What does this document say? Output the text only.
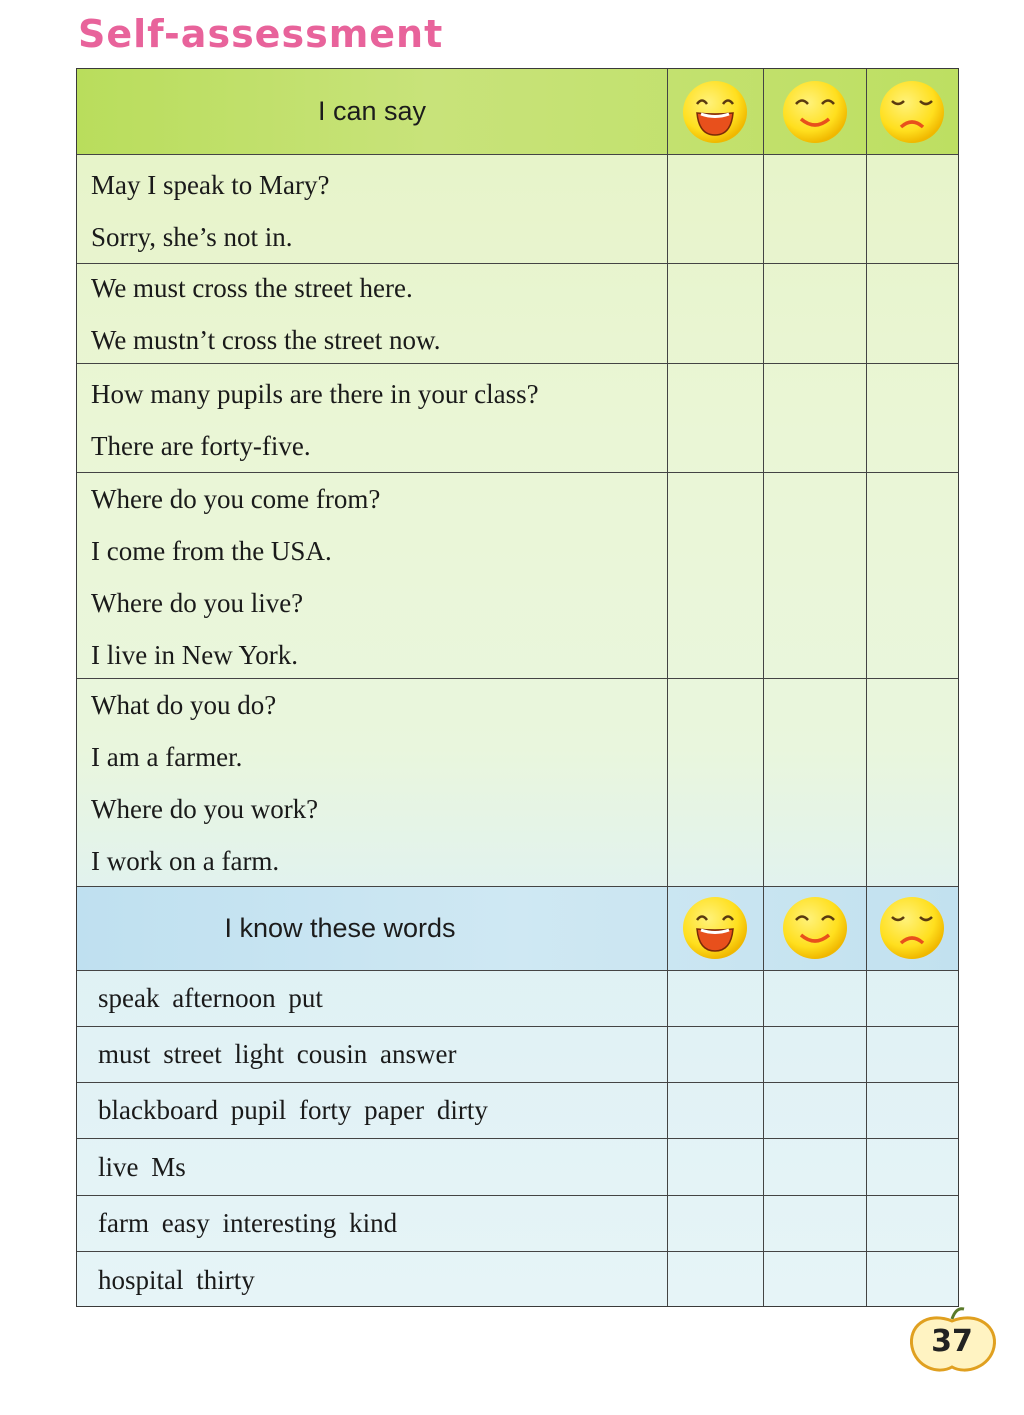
Self-assessment
I can say
May I speak to Mary?
Sorry, she’s not in.
We must cross the street here.
We mustn’t cross the street now.
How many pupils are there in your class?
There are forty-five.
Where do you come from?
I come from the USA.
Where do you live?
I live in New York.
What do you do?
I am a farmer.
Where do you work?
I work on a farm.
I know these words
speak afternoon put
must street light cousin answer
blackboard pupil forty paper dirty
live Ms
farm easy interesting kind
hospital thirty
37
